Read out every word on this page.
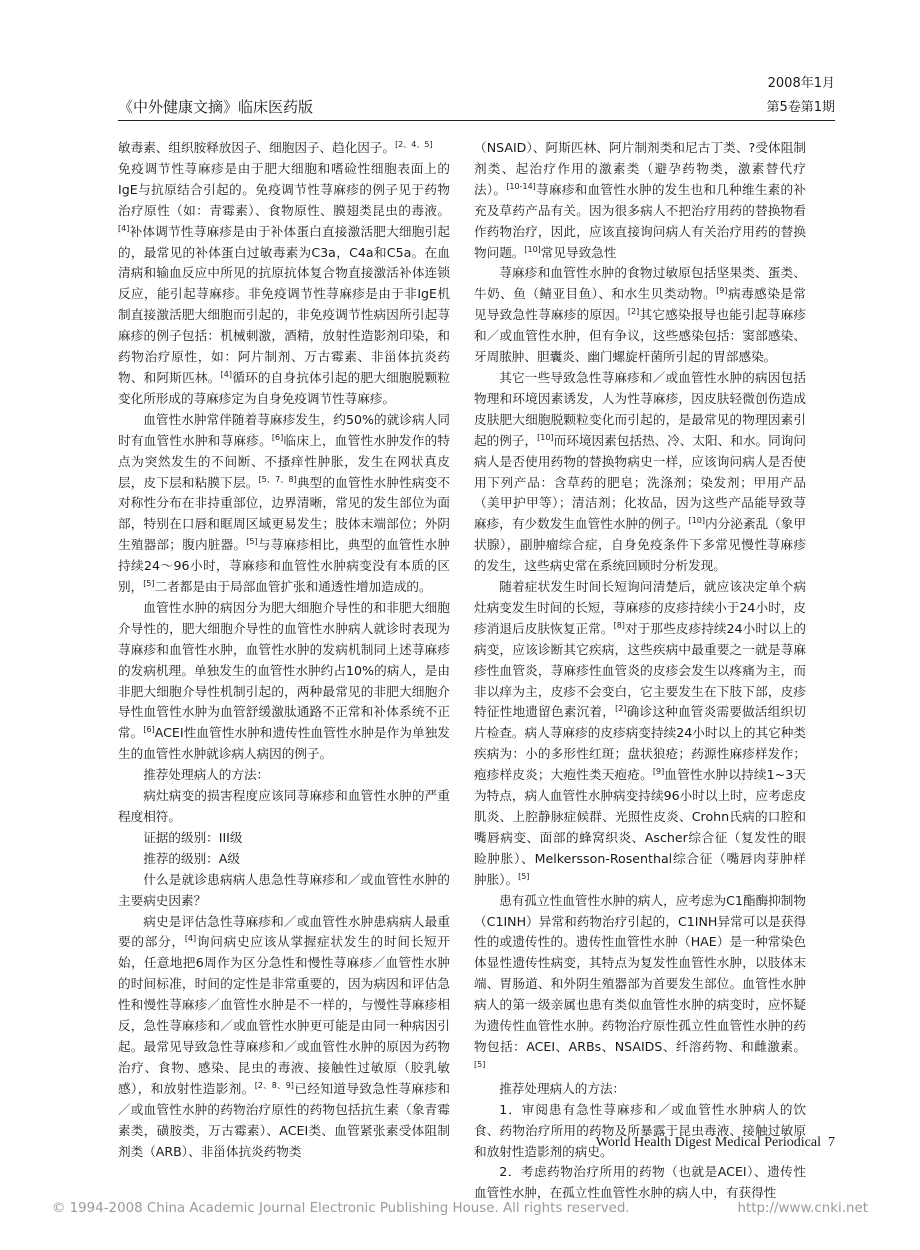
2008年1月
《中外健康文摘》临床医药版	第5卷第1期

敏毒素、组织胺释放因子、细胞因子、趋化因子。[2、4、5]

免疫调节性荨麻疹是由于肥大细胞和嗜硷性细胞表面上的IgE与抗原结合引起的。免疫调节性荨麻疹的例子见于药物治疗原性（如：青霉素）、食物原性、膜翅类昆虫的毒液。[4]补体调节性荨麻疹是由于补体蛋白直接激活肥大细胞引起的，最常见的补体蛋白过敏毒素为C3a，C4a和C5a。在血清病和输血反应中所见的抗原抗体复合物直接激活补体连锁反应，能引起荨麻疹。非免疫调节性荨麻疹是由于非IgE机制直接激活肥大细胞而引起的，非免疫调节性病因所引起荨麻疹的例子包括：机械刺激，酒精，放射性造影剂印染，和药物治疗原性，如：阿片制剂、万古霉素、非甾体抗炎药物、和阿斯匹林。[4]循环的自身抗体引起的肥大细胞脱颗粒变化所形成的荨麻疹定为自身免疫调节性荨麻疹。

血管性水肿常伴随着荨麻疹发生，约50%的就诊病人同时有血管性水肿和荨麻疹。[6]临床上，血管性水肿发作的特点为突然发生的不间断、不搔痒性肿胀，发生在网状真皮层，皮下层和粘膜下层。[5、7、8]典型的血管性水肿性病变不对称性分布在非持重部位，边界清晰，常见的发生部位为面部，特别在口唇和眶周区域更易发生；肢体末端部位；外阴生殖器部；腹内脏器。[5]与荨麻疹相比，典型的血管性水肿持续24～96小时，荨麻疹和血管性水肿病变没有本质的区别，[5]二者都是由于局部血管扩张和通透性增加造成的。

血管性水肿的病因分为肥大细胞介导性的和非肥大细胞介导性的，肥大细胞介导性的血管性水肿病人就诊时表现为荨麻疹和血管性水肿，血管性水肿的发病机制同上述荨麻疹的发病机理。单独发生的血管性水肿约占10%的病人，是由非肥大细胞介导性机制引起的，两种最常见的非肥大细胞介导性血管性水肿为血管舒缓激肽通路不正常和补体系统不正常。[6]ACEI性血管性水肿和遗传性血管性水肿是作为单独发生的血管性水肿就诊病人病因的例子。

推荐处理病人的方法：

病灶病变的损害程度应该同荨麻疹和血管性水肿的严重程度相符。

证据的级别：III级

推荐的级别：A级

什么是就诊患病病人患急性荨麻疹和／或血管性水肿的主要病史因素？

病史是评估急性荨麻疹和／或血管性水肿患病病人最重要的部分，[4]询问病史应该从掌握症状发生的时间长短开始，任意地把6周作为区分急性和慢性荨麻疹／血管性水肿的时间标准，时间的定性是非常重要的，因为病因和评估急性和慢性荨麻疹／血管性水肿是不一样的，与慢性荨麻疹相反，急性荨麻疹和／或血管性水肿更可能是由同一种病因引起。最常见导致急性荨麻疹和／或血管性水肿的原因为药物治疗、食物、感染、昆虫的毒液、接触性过敏原（胶乳敏感），和放射性造影剂。[2、8、9]已经知道导致急性荨麻疹和／或血管性水肿的药物治疗原性的药物包括抗生素（象青霉素类，磺胺类，万古霉素）、ACEI类、血管紧张素受体阻制剂类（ARB）、非甾体抗炎药物类

（NSAID）、阿斯匹林、阿片制剂类和尼古丁类、?受体阻制剂类、起治疗作用的激素类（避孕药物类，激素替代疗法）。[10-14]荨麻疹和血管性水肿的发生也和几种维生素的补充及草药产品有关。因为很多病人不把治疗用药的替换物看作药物治疗，因此，应该直接询问病人有关治疗用药的替换物问题。[10]常见导致急性

荨麻疹和血管性水肿的食物过敏原包括坚果类、蛋类、牛奶、鱼（鲭亚目鱼）、和水生贝类动物。[9]病毒感染是常见导致急性荨麻疹的原因。[2]其它感染报导也能引起荨麻疹和／或血管性水肿，但有争议，这些感染包括：窦部感染、牙周脓肿、胆囊炎、幽门螺旋杆菌所引起的胃部感染。

其它一些导致急性荨麻疹和／或血管性水肿的病因包括物理和环境因素诱发，人为性荨麻疹，因皮肤轻微创伤造成皮肤肥大细胞脱颗粒变化而引起的，是最常见的物理因素引起的例子，[10]而环境因素包括热、冷、太阳、和水。同询问病人是否使用药物的替换物病史一样，应该询问病人是否使用下列产品：含草药的肥皂；洗涤剂；染发剂；甲用产品（美甲护甲等）；清洁剂；化妆品，因为这些产品能导致荨麻疹，有少数发生血管性水肿的例子。[10]内分泌紊乱（象甲状腺），副肿瘤综合症，自身免疫条件下多常见慢性荨麻疹的发生，这些病史常在系统回顾时分析发现。

随着症状发生时间长短询问清楚后，就应该决定单个病灶病变发生时间的长短，荨麻疹的皮疹持续小于24小时，皮疹消退后皮肤恢复正常。[8]对于那些皮疹持续24小时以上的病变，应该诊断其它疾病，这些疾病中最重要之一就是荨麻疹性血管炎，荨麻疹性血管炎的皮疹会发生以疼痛为主，而非以痒为主，皮疹不会变白，它主要发生在下肢下部，皮疹特征性地遗留色素沉着，[2]确诊这种血管炎需要做活组织切片检查。病人荨麻疹的皮疹病变持续24小时以上的其它种类疾病为：小的多形性红斑；盘状狼疮；药源性麻疹样发作；疱疹样皮炎；大疱性类天疱疮。[9]血管性水肿以持续1~3天为特点，病人血管性水肿病变持续96小时以上时，应考虑皮肌炎、上腔静脉症候群、光照性皮炎、Crohn氏病的口腔和嘴唇病变、面部的蜂窝织炎、Ascher综合征（复发性的眼睑肿胀）、Melkersson-Rosenthal综合征（嘴唇肉芽肿样肿胀）。[5]

患有孤立性血管性水肿的病人，应考虑为C1酯酶抑制物（C1INH）异常和药物治疗引起的，C1INH异常可以是获得性的或遗传性的。遗传性血管性水肿（HAE）是一种常染色体显性遗传性病变，其特点为复发性血管性水肿，以肢体末端、胃肠道、和外阴生殖器部为首要发生部位。血管性水肿病人的第一级亲属也患有类似血管性水肿的病变时，应怀疑为遗传性血管性水肿。药物治疗原性孤立性血管性水肿的药物包括：ACEI、ARBs、NSAIDS、纤溶药物、和雌激素。[5]

推荐处理病人的方法：

1．审阅患有急性荨麻疹和／或血管性水肿病人的饮食、药物治疗所用的药物及所暴露于昆虫毒液、接触过敏原和放射性造影剂的病史。

2．考虑药物治疗所用的药物（也就是ACEI）、遗传性血管性水肿，在孤立性血管性水肿的病人中，有获得性

World Health Digest Medical Periodical 7
© 1994-2008 China Academic Journal Electronic Publishing House. All rights reserved.	http://www.cnki.net
